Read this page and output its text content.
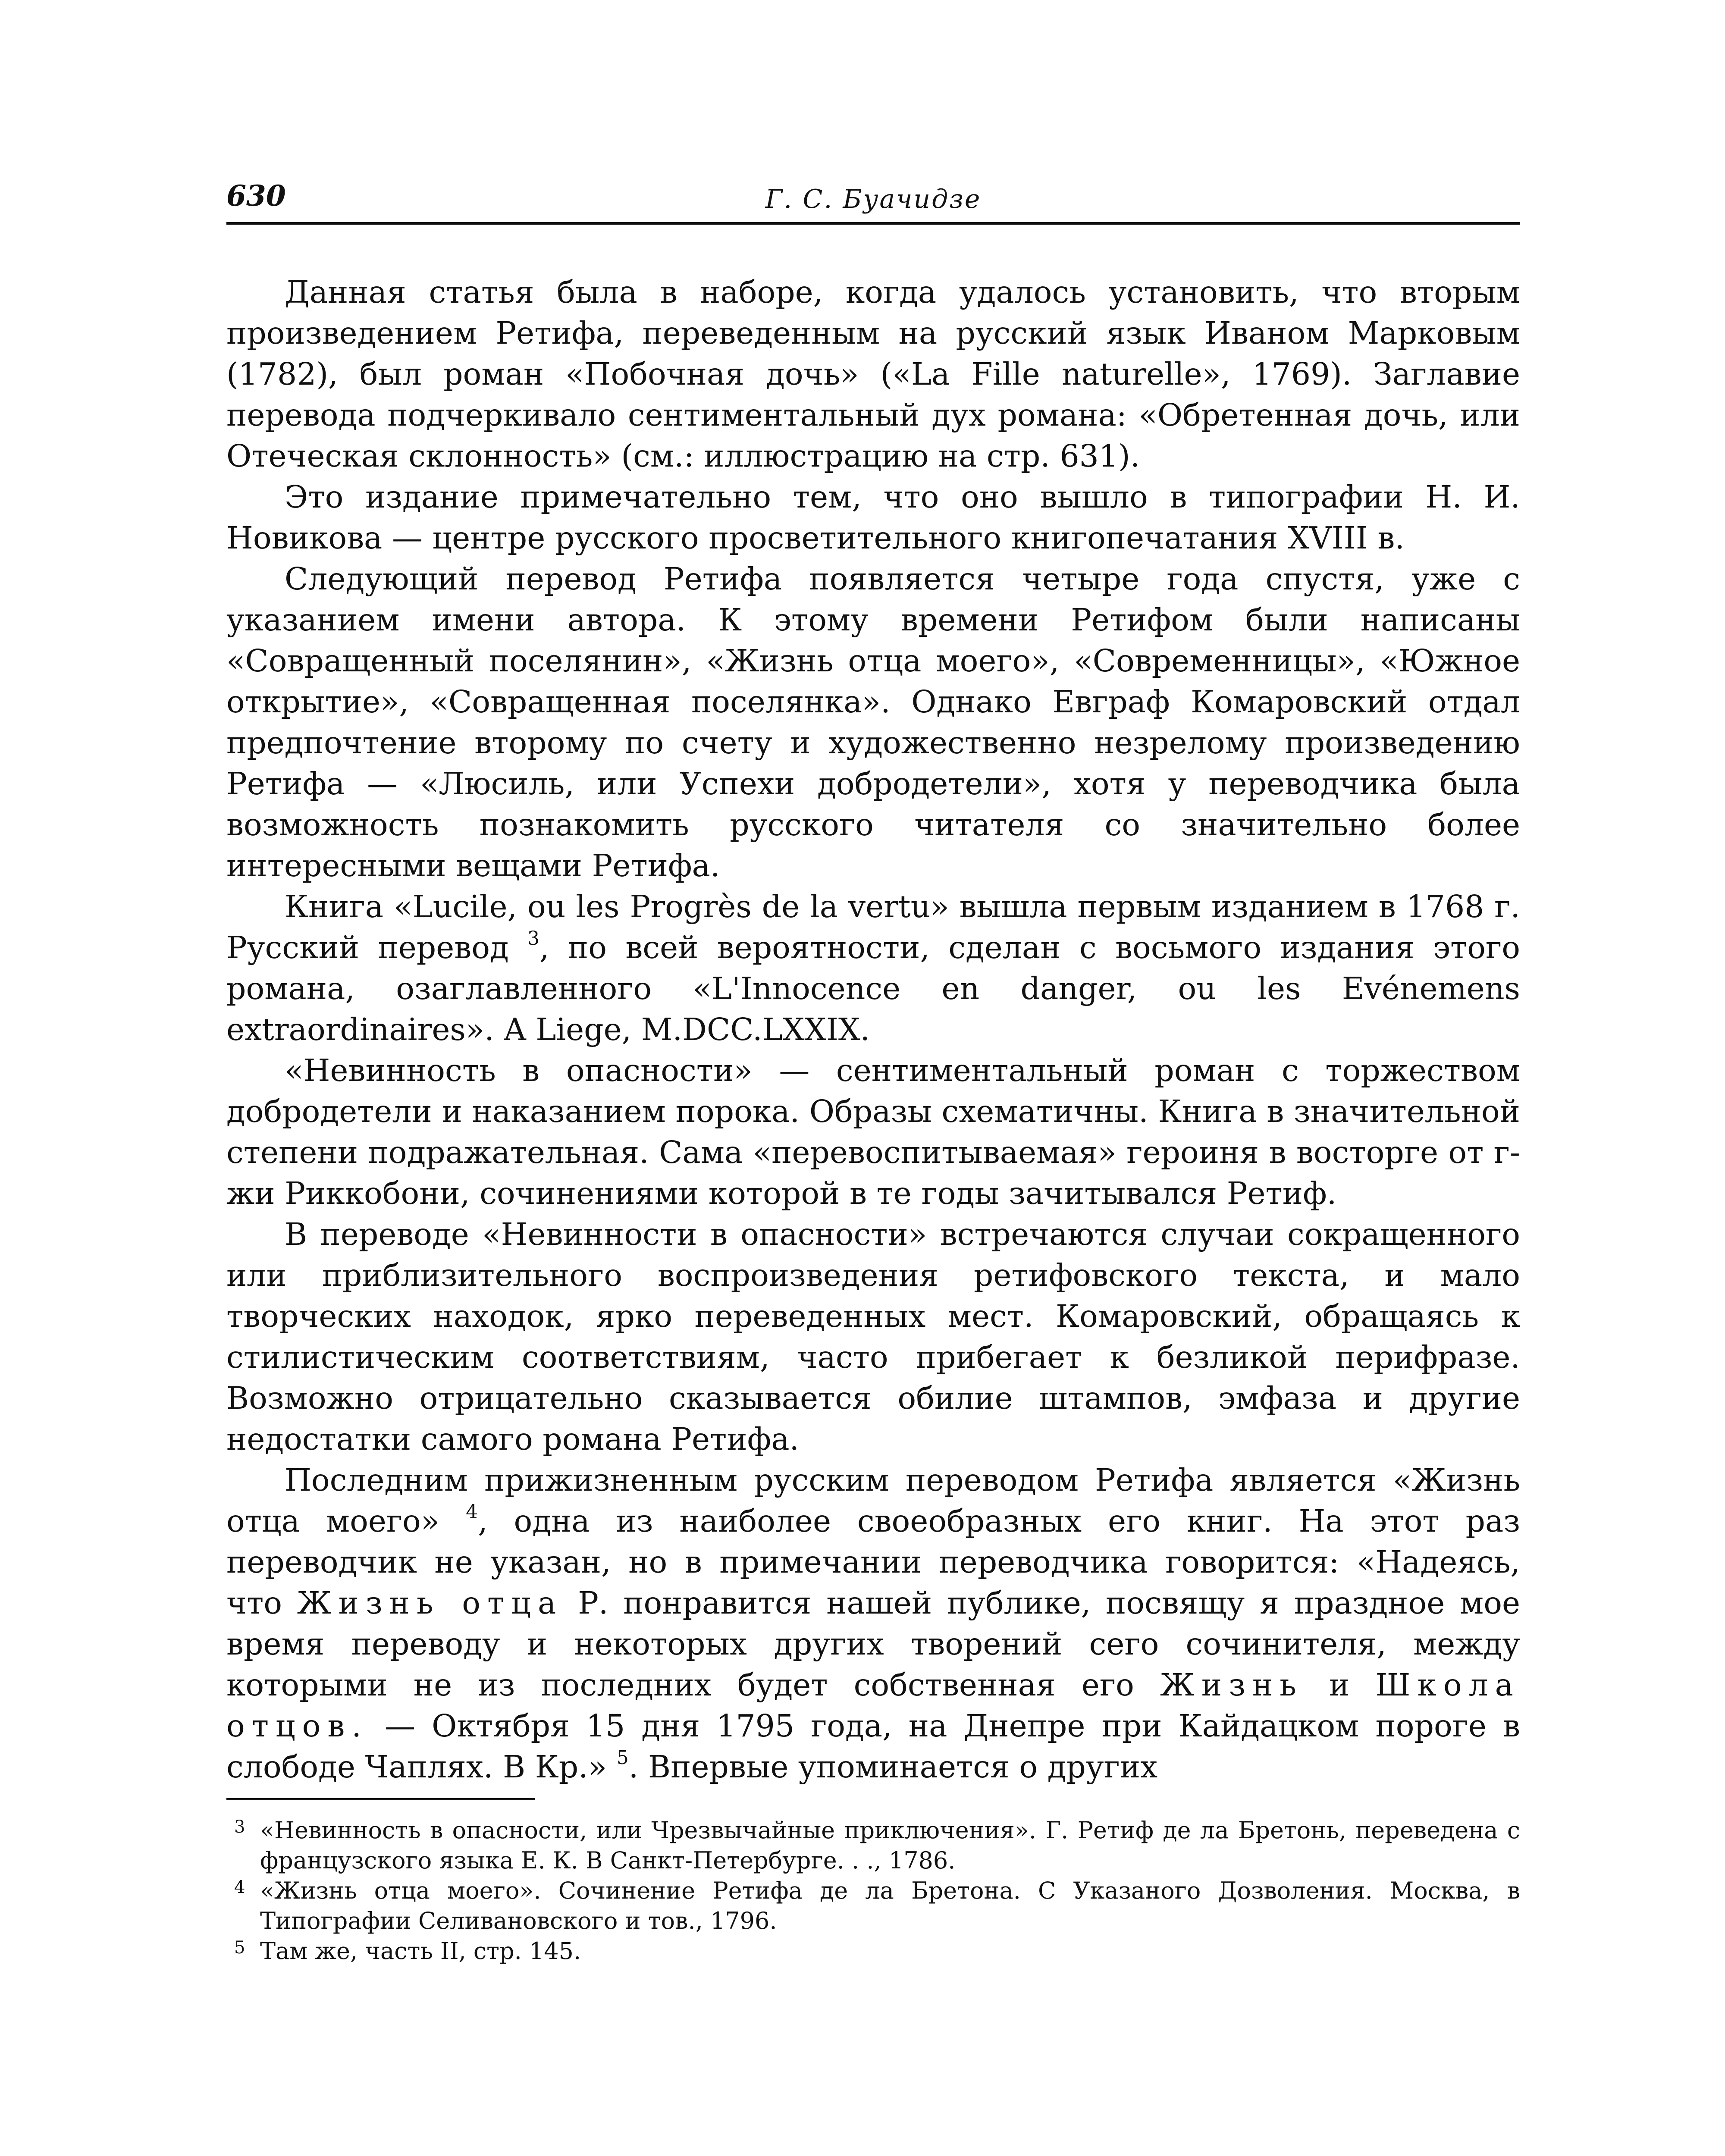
630	Г. С. Буачидзе

Данная статья была в наборе, когда удалось установить, что вторым произведением Ретифа, переведенным на русский язык Иваном Марковым (1782), был роман «Побочная дочь» («La Fille naturelle», 1769). Заглавие перевода подчеркивало сентиментальный дух романа: «Обретенная дочь, или Отеческая склонность» (см.: иллюстрацию на стр. 631).

Это издание примечательно тем, что оно вышло в типографии Н. И. Новикова — центре русского просветительного книгопечатания XVIII в.

Следующий перевод Ретифа появляется четыре года спустя, уже с указанием имени автора. К этому времени Ретифом были написаны «Совращенный поселянин», «Жизнь отца моего», «Современницы», «Южное открытие», «Совращенная поселянка». Однако Евграф Комаровский отдал предпочтение второму по счету и художественно незрелому произведению Ретифа — «Люсиль, или Успехи добродетели», хотя у переводчика была возможность познакомить русского читателя со значительно более интересными вещами Ретифа.

Книга «Lucile, ou les Progrès de la vertu» вышла первым изданием в 1768 г. Русский перевод $^3$, по всей вероятности, сделан с восьмого издания этого романа, озаглавленного «L'Innocence en danger, ou les Evénemens extraordinaires». A Liege, M.DCC.LXXIX.

«Невинность в опасности» — сентиментальный роман с торжеством добродетели и наказанием порока. Образы схематичны. Книга в значительной степени подражательная. Сама «перевоспитываемая» героиня в восторге от г-жи Риккобони, сочинениями которой в те годы зачитывался Ретиф.

В переводе «Невинности в опасности» встречаются случаи сокращенного или приблизительного воспроизведения ретифовского текста, и мало творческих находок, ярко переведенных мест. Комаровский, обращаясь к стилистическим соответствиям, часто прибегает к безликой перифразе. Возможно отрицательно сказывается обилие штампов, эмфаза и другие недостатки самого романа Ретифа.

Последним прижизненным русским переводом Ретифа является «Жизнь отца моего» $^4$, одна из наиболее своеобразных его книг. На этот раз переводчик не указан, но в примечании переводчика говорится: «Надеясь, что Жизнь отца Р. понравится нашей публике, посвящу я праздное мое время переводу и некоторых других творений сего сочинителя, между которыми не из последних будет собственная его Жизнь и Школа отцов. — Октября 15 дня 1795 года, на Днепре при Кайдацком пороге в слободе Чаплях. В Кр.» $^5$. Впервые упоминается о других

3 «Невинность в опасности, или Чрезвычайные приключения». Г. Ретиф де ла Бретонь, переведена с французского языка Е. К. В Санкт-Петербурге. . ., 1786.
4 «Жизнь отца моего». Сочинение Ретифа де ла Бретона. С Указаного Дозволения. Москва, в Типографии Селивановского и тов., 1796.
5 Там же, часть II, стр. 145.
